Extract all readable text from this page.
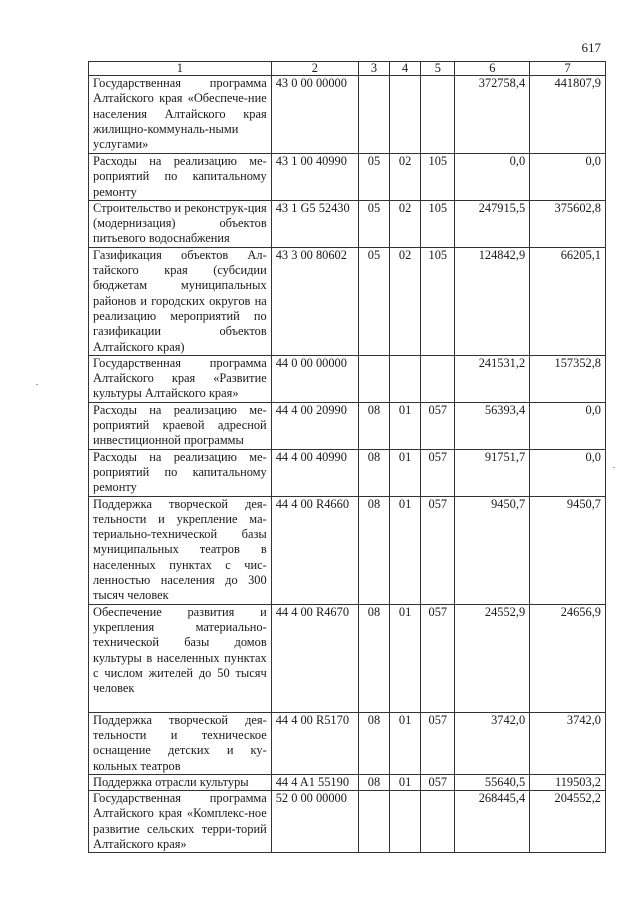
617
1	2	3	4	5	6	7
Государственная программа Алтайского края «Обеспече-ние населения Алтайского края жилищно-коммуналь-ными услугами»	43 0 00 00000				372758,4	441807,9
Расходы на реализацию ме-роприятий по капитальному ремонту	43 1 00 40990	05	02	105	0,0	0,0
Строительство и реконструк-ция (модернизация) объектов питьевого водоснабжения	43 1 G5 52430	05	02	105	247915,5	375602,8
Газификация объектов Ал-тайского края (субсидии бюджетам муниципальных районов и городских округов на реализацию мероприятий по газификации объектов Алтайского края)	43 3 00 80602	05	02	105	124842,9	66205,1
Государственная программа Алтайского края «Развитие культуры Алтайского края»	44 0 00 00000				241531,2	157352,8
Расходы на реализацию ме-роприятий краевой адресной инвестиционной программы	44 4 00 20990	08	01	057	56393,4	0,0
Расходы на реализацию ме-роприятий по капитальному ремонту	44 4 00 40990	08	01	057	91751,7	0,0
Поддержка творческой дея-тельности и укрепление ма-териально-технической базы муниципальных театров в населенных пунктах с чис-ленностью населения до 300 тысяч человек	44 4 00 R4660	08	01	057	9450,7	9450,7
Обеспечение развития и укрепления материально-технической базы домов культуры в населенных пунктах с числом жителей до 50 тысяч человек	44 4 00 R4670	08	01	057	24552,9	24656,9
Поддержка творческой дея-тельности и техническое оснащение детских и ку-кольных театров	44 4 00 R5170	08	01	057	3742,0	3742,0
Поддержка отрасли культуры	44 4 A1 55190	08	01	057	55640,5	119503,2
Государственная программа Алтайского края «Комплекс-ное развитие сельских терри-торий Алтайского края»	52 0 00 00000				268445,4	204552,2
